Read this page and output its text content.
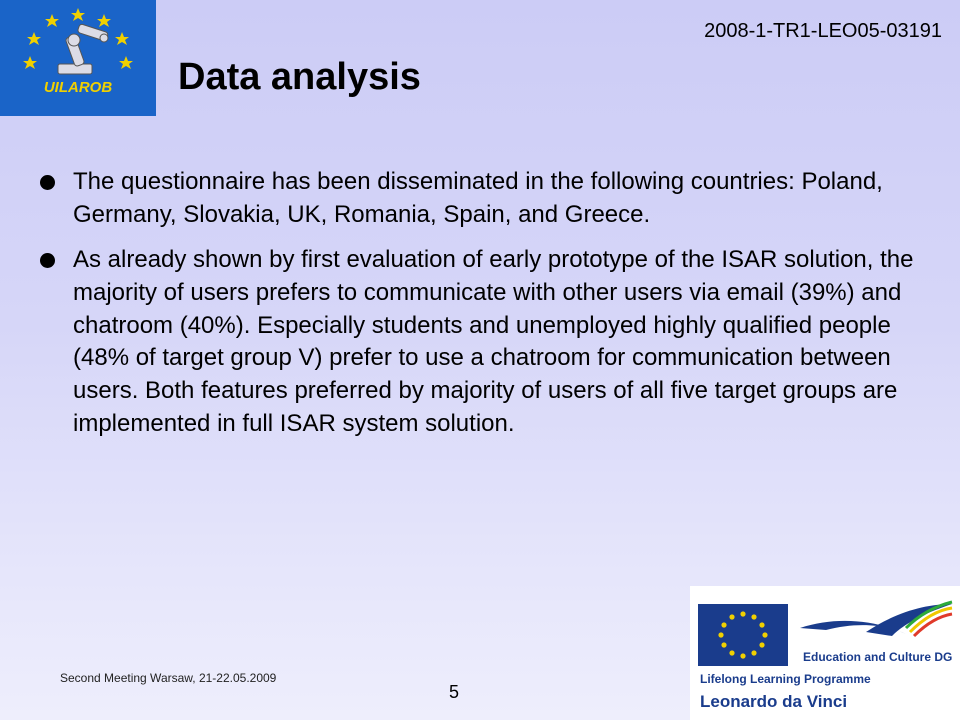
UILAROB
2008-1-TR1-LEO05-03191
Data analysis
The questionnaire has been disseminated in the following countries: Poland, Germany, Slovakia, UK, Romania, Spain, and Greece.
As already shown by first evaluation of early prototype of the ISAR solution, the majority of users prefers to communicate with other users via email (39%) and chatroom (40%). Especially students and unemployed highly qualified people (48% of target group V) prefer to use a chatroom for communication between users. Both features preferred by majority of users of all five target groups are implemented in full ISAR system solution.
Second Meeting Warsaw, 21-22.05.2009
5
Education and Culture DG
Lifelong Learning Programme
Leonardo da Vinci
